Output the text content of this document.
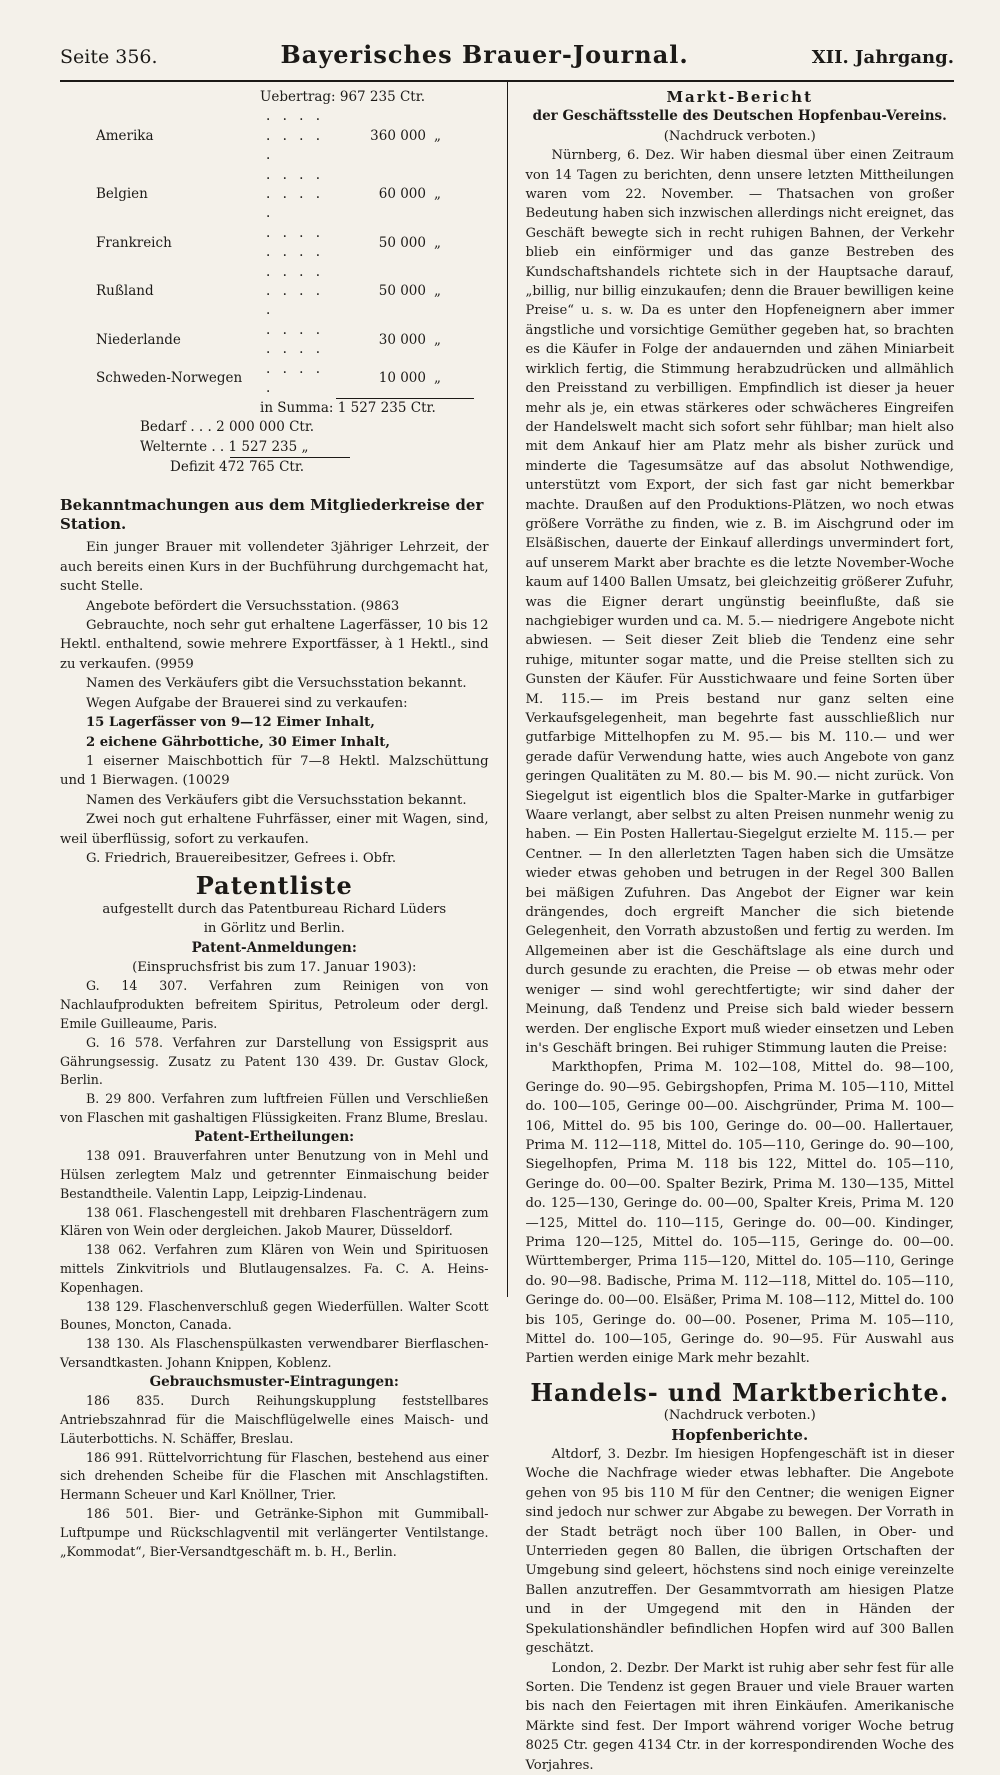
Seite 356.	Bayerisches Brauer-Journal.	XII. Jahrgang.

Uebertrag: 967 235 Ctr.

Amerika	. . . . . . . . .	360 000	„
Belgien	. . . . . . . . .	60 000	„
Frankreich	. . . . . . . .	50 000	„
Rußland	. . . . . . . . .	50 000	„
Niederlande	. . . . . . . .	30 000	„
Schweden-Norwegen	. . . . .	10 000	„

in Summa: 1 527 235 Ctr.

Bedarf . . . 2 000 000 Ctr.

Welternte . . 1 527 235 „

Defizit 472 765 Ctr.

Bekanntmachungen aus dem Mitgliederkreise der Station.

Ein junger Brauer mit vollendeter 3jähriger Lehrzeit, der auch bereits einen Kurs in der Buchführung durchgemacht hat, sucht Stelle.

Angebote befördert die Versuchsstation. (9863

Gebrauchte, noch sehr gut erhaltene Lagerfässer, 10 bis 12 Hektl. enthaltend, sowie mehrere Exportfässer, à 1 Hektl., sind zu verkaufen. (9959

Namen des Verkäufers gibt die Versuchsstation bekannt.

Wegen Aufgabe der Brauerei sind zu verkaufen:

15 Lagerfässer von 9—12 Eimer Inhalt,

2 eichene Gährbottiche, 30 Eimer Inhalt,

1 eiserner Maischbottich für 7—8 Hektl. Malzschüttung und 1 Bierwagen. (10029

Namen des Verkäufers gibt die Versuchsstation bekannt.

Zwei noch gut erhaltene Fuhrfässer, einer mit Wagen, sind, weil überflüssig, sofort zu verkaufen.

G. Friedrich, Brauereibesitzer, Gefrees i. Obfr.

Patentliste

aufgestellt durch das Patentbureau Richard Lüders

in Görlitz und Berlin.

Patent-Anmeldungen:

(Einspruchsfrist bis zum 17. Januar 1903):

G. 14 307. Verfahren zum Reinigen von von Nachlaufprodukten befreitem Spiritus, Petroleum oder dergl. Emile Guilleaume, Paris.

G. 16 578. Verfahren zur Darstellung von Essigsprit aus Gährungsessig. Zusatz zu Patent 130 439. Dr. Gustav Glock, Berlin.

B. 29 800. Verfahren zum luftfreien Füllen und Verschließen von Flaschen mit gashaltigen Flüssigkeiten. Franz Blume, Breslau.

Patent-Ertheilungen:

138 091. Brauverfahren unter Benutzung von in Mehl und Hülsen zerlegtem Malz und getrennter Einmaischung beider Bestandtheile. Valentin Lapp, Leipzig-Lindenau.

138 061. Flaschengestell mit drehbaren Flaschenträgern zum Klären von Wein oder dergleichen. Jakob Maurer, Düsseldorf.

138 062. Verfahren zum Klären von Wein und Spirituosen mittels Zinkvitriols und Blutlaugensalzes. Fa. C. A. Heins-Kopenhagen.

138 129. Flaschenverschluß gegen Wiederfüllen. Walter Scott Bounes, Moncton, Canada.

138 130. Als Flaschenspülkasten verwendbarer Bierflaschen-Versandtkasten. Johann Knippen, Koblenz.

Gebrauchsmuster-Eintragungen:

186 835. Durch Reihungskupplung feststellbares Antriebszahnrad für die Maischflügelwelle eines Maisch- und Läuterbottichs. N. Schäffer, Breslau.

186 991. Rüttelvorrichtung für Flaschen, bestehend aus einer sich drehenden Scheibe für die Flaschen mit Anschlagstiften. Hermann Scheuer und Karl Knöllner, Trier.

186 501. Bier- und Getränke-Siphon mit Gummiball-Luftpumpe und Rückschlagventil mit verlängerter Ventilstange. „Kommodat“, Bier-Versandtgeschäft m. b. H., Berlin.

Markt-Bericht

der Geschäftsstelle des Deutschen Hopfenbau-Vereins.

(Nachdruck verboten.)

Nürnberg, 6. Dez. Wir haben diesmal über einen Zeitraum von 14 Tagen zu berichten, denn unsere letzten Mittheilungen waren vom 22. November. — Thatsachen von großer Bedeutung haben sich inzwischen allerdings nicht ereignet, das Geschäft bewegte sich in recht ruhigen Bahnen, der Verkehr blieb ein einförmiger und das ganze Bestreben des Kundschaftshandels richtete sich in der Hauptsache darauf, „billig, nur billig einzukaufen; denn die Brauer bewilligen keine Preise“ u. s. w. Da es unter den Hopfeneignern aber immer ängstliche und vorsichtige Gemüther gegeben hat, so brachten es die Käufer in Folge der andauernden und zähen Miniarbeit wirklich fertig, die Stimmung herabzudrücken und allmählich den Preisstand zu verbilligen. Empfindlich ist dieser ja heuer mehr als je, ein etwas stärkeres oder schwächeres Eingreifen der Handelswelt macht sich sofort sehr fühlbar; man hielt also mit dem Ankauf hier am Platz mehr als bisher zurück und minderte die Tagesumsätze auf das absolut Nothwendige, unterstützt vom Export, der sich fast gar nicht bemerkbar machte. Draußen auf den Produktions-Plätzen, wo noch etwas größere Vorräthe zu finden, wie z. B. im Aischgrund oder im Elsäßischen, dauerte der Einkauf allerdings unvermindert fort, auf unserem Markt aber brachte es die letzte November-Woche kaum auf 1400 Ballen Umsatz, bei gleichzeitig größerer Zufuhr, was die Eigner derart ungünstig beeinflußte, daß sie nachgiebiger wurden und ca. M. 5.— niedrigere Angebote nicht abwiesen. — Seit dieser Zeit blieb die Tendenz eine sehr ruhige, mitunter sogar matte, und die Preise stellten sich zu Gunsten der Käufer. Für Ausstichwaare und feine Sorten über M. 115.— im Preis bestand nur ganz selten eine Verkaufsgelegenheit, man begehrte fast ausschließlich nur gutfarbige Mittelhopfen zu M. 95.— bis M. 110.— und wer gerade dafür Verwendung hatte, wies auch Angebote von ganz geringen Qualitäten zu M. 80.— bis M. 90.— nicht zurück. Von Siegelgut ist eigentlich blos die Spalter-Marke in gutfarbiger Waare verlangt, aber selbst zu alten Preisen nunmehr wenig zu haben. — Ein Posten Hallertau-Siegelgut erzielte M. 115.— per Centner. — In den allerletzten Tagen haben sich die Umsätze wieder etwas gehoben und betrugen in der Regel 300 Ballen bei mäßigen Zufuhren. Das Angebot der Eigner war kein drängendes, doch ergreift Mancher die sich bietende Gelegenheit, den Vorrath abzustoßen und fertig zu werden. Im Allgemeinen aber ist die Geschäftslage als eine durch und durch gesunde zu erachten, die Preise — ob etwas mehr oder weniger — sind wohl gerechtfertigte; wir sind daher der Meinung, daß Tendenz und Preise sich bald wieder bessern werden. Der englische Export muß wieder einsetzen und Leben in's Geschäft bringen. Bei ruhiger Stimmung lauten die Preise:

Markthopfen, Prima M. 102—108, Mittel do. 98—100, Geringe do. 90—95. Gebirgshopfen, Prima M. 105—110, Mittel do. 100—105, Geringe 00—00. Aischgründer, Prima M. 100—106, Mittel do. 95 bis 100, Geringe do. 00—00. Hallertauer, Prima M. 112—118, Mittel do. 105—110, Geringe do. 90—100, Siegelhopfen, Prima M. 118 bis 122, Mittel do. 105—110, Geringe do. 00—00. Spalter Bezirk, Prima M. 130—135, Mittel do. 125—130, Geringe do. 00—00, Spalter Kreis, Prima M. 120—125, Mittel do. 110—115, Geringe do. 00—00. Kindinger, Prima 120—125, Mittel do. 105—115, Geringe do. 00—00. Württemberger, Prima 115—120, Mittel do. 105—110, Geringe do. 90—98. Badische, Prima M. 112—118, Mittel do. 105—110, Geringe do. 00—00. Elsäßer, Prima M. 108—112, Mittel do. 100 bis 105, Geringe do. 00—00. Posener, Prima M. 105—110, Mittel do. 100—105, Geringe do. 90—95. Für Auswahl aus Partien werden einige Mark mehr bezahlt.

Handels- und Marktberichte.

(Nachdruck verboten.)

Hopfenberichte.

Altdorf, 3. Dezbr. Im hiesigen Hopfengeschäft ist in dieser Woche die Nachfrage wieder etwas lebhafter. Die Angebote gehen von 95 bis 110 M für den Centner; die wenigen Eigner sind jedoch nur schwer zur Abgabe zu bewegen. Der Vorrath in der Stadt beträgt noch über 100 Ballen, in Ober- und Unterrieden gegen 80 Ballen, die übrigen Ortschaften der Umgebung sind geleert, höchstens sind noch einige vereinzelte Ballen anzutreffen. Der Gesammtvorrath am hiesigen Platze und in der Umgegend mit den in Händen der Spekulationshändler befindlichen Hopfen wird auf 300 Ballen geschätzt.

London, 2. Dezbr. Der Markt ist ruhig aber sehr fest für alle Sorten. Die Tendenz ist gegen Brauer und viele Brauer warten bis nach den Feiertagen mit ihren Einkäufen. Amerikanische Märkte sind fest. Der Import während voriger Woche betrug 8025 Ctr. gegen 4134 Ctr. in der korrespondirenden Woche des Vorjahres.
